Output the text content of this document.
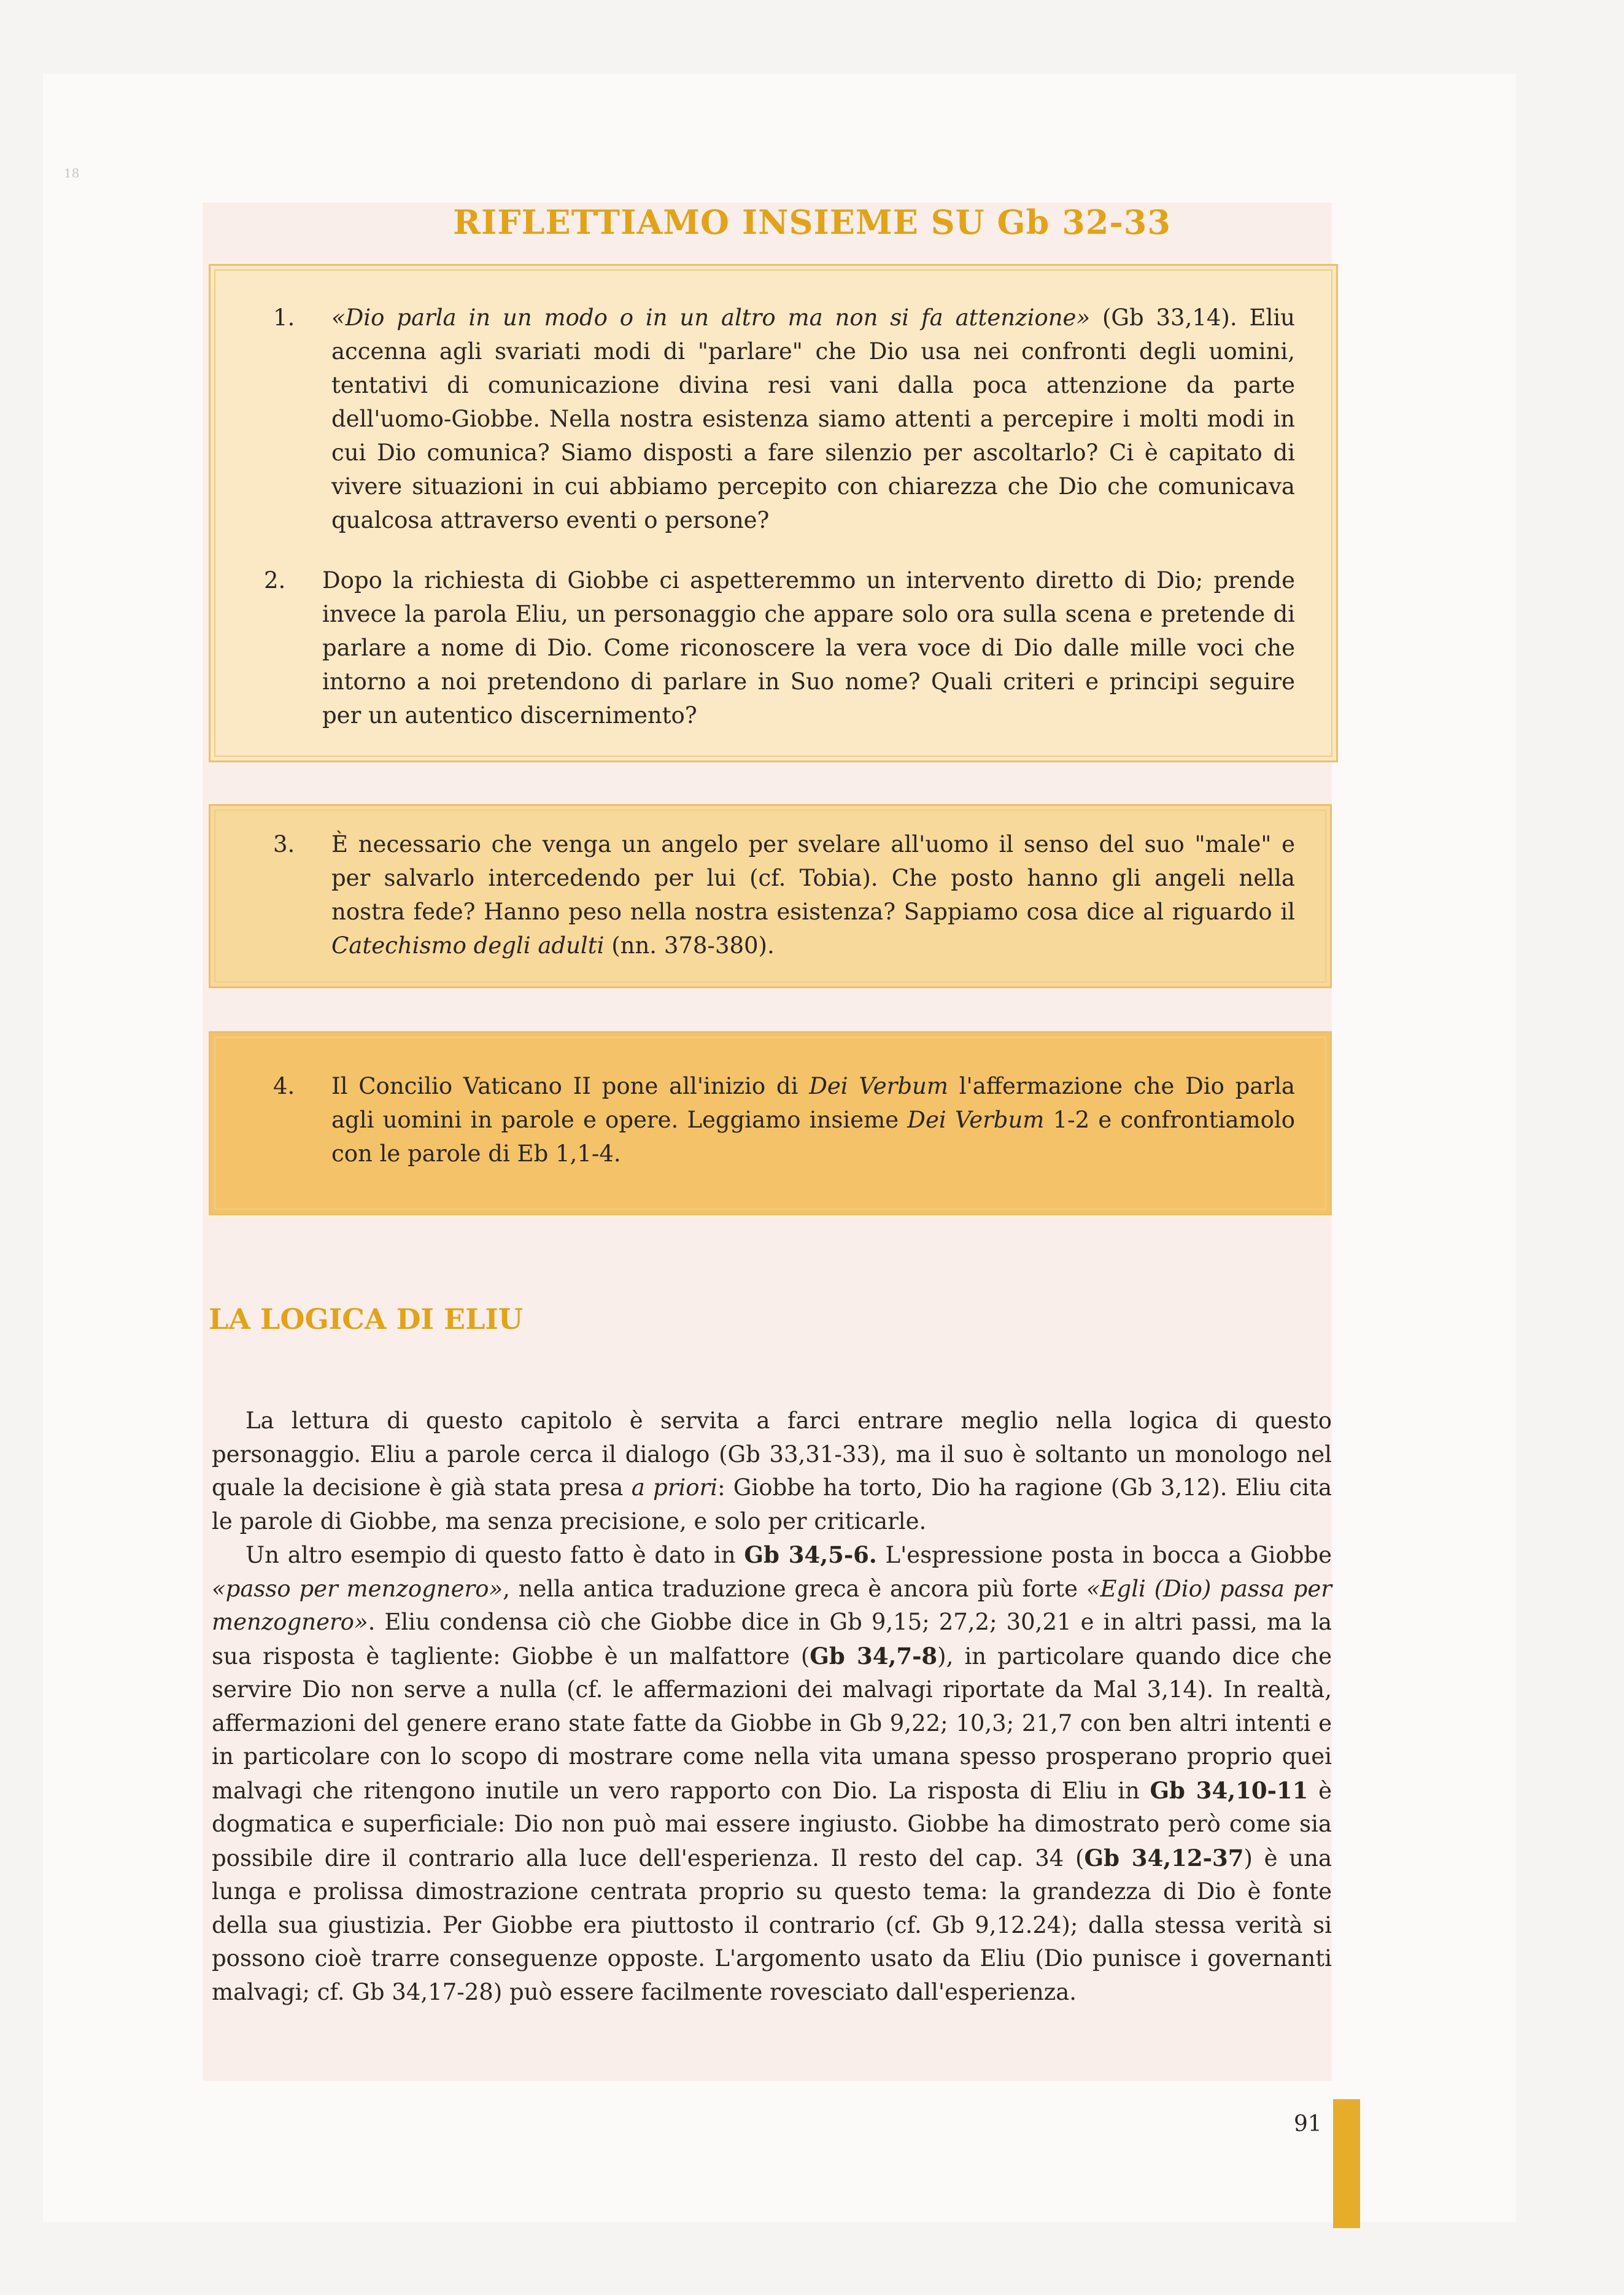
18
RIFLETTIAMO INSIEME SU Gb 32-33
1. «Dio parla in un modo o in un altro ma non si fa attenzione» (Gb 33,14). Eliu accenna agli svariati modi di "parlare" che Dio usa nei confronti degli uomini, tentativi di comunicazione divina resi vani dalla poca attenzione da parte dell'uomo-Giobbe. Nella nostra esistenza siamo attenti a percepire i molti modi in cui Dio comunica? Siamo disposti a fare silenzio per ascoltarlo? Ci è capitato di vivere situazioni in cui abbiamo percepito con chiarezza che Dio che comunicava qualcosa attraverso eventi o persone?
2. Dopo la richiesta di Giobbe ci aspetteremmo un intervento diretto di Dio; prende invece la parola Eliu, un personaggio che appare solo ora sulla scena e pretende di parlare a nome di Dio. Come riconoscere la vera voce di Dio dalle mille voci che intorno a noi pretendono di parlare in Suo nome? Quali criteri e principi seguire per un autentico discernimento?
3. È necessario che venga un angelo per svelare all'uomo il senso del suo "male" e per salvarlo intercedendo per lui (cf. Tobia). Che posto hanno gli angeli nella nostra fede? Hanno peso nella nostra esistenza? Sappiamo cosa dice al riguardo il Catechismo degli adulti (nn. 378-380).
4. Il Concilio Vaticano II pone all'inizio di Dei Verbum l'affermazione che Dio parla agli uomini in parole e opere. Leggiamo insieme Dei Verbum 1-2 e confrontiamolo con le parole di Eb 1,1-4.
LA LOGICA DI ELIU

La lettura di questo capitolo è servita a farci entrare meglio nella logica di questo personaggio. Eliu a parole cerca il dialogo (Gb 33,31-33), ma il suo è soltanto un monologo nel quale la decisione è già stata presa a priori: Giobbe ha torto, Dio ha ragione (Gb 3,12). Eliu cita le parole di Giobbe, ma senza precisione, e solo per criticarle.

Un altro esempio di questo fatto è dato in Gb 34,5-6. L'espressione posta in bocca a Giobbe «passo per menzognero», nella antica traduzione greca è ancora più forte «Egli (Dio) passa per menzognero». Eliu condensa ciò che Giobbe dice in Gb 9,15; 27,2; 30,21 e in altri passi, ma la sua risposta è tagliente: Giobbe è un malfattore (Gb 34,7-8), in particolare quando dice che servire Dio non serve a nulla (cf. le affermazioni dei malvagi riportate da Mal 3,14). In realtà, affermazioni del genere erano state fatte da Giobbe in Gb 9,22; 10,3; 21,7 con ben altri intenti e in particolare con lo scopo di mostrare come nella vita umana spesso prosperano proprio quei malvagi che ritengono inutile un vero rapporto con Dio. La risposta di Eliu in Gb 34,10-11 è dogmatica e superficiale: Dio non può mai essere ingiusto. Giobbe ha dimostrato però come sia possibile dire il contrario alla luce dell'esperienza. Il resto del cap. 34 (Gb 34,12-37) è una lunga e prolissa dimostrazione centrata proprio su questo tema: la grandezza di Dio è fonte della sua giustizia. Per Giobbe era piuttosto il contrario (cf. Gb 9,12.24); dalla stessa verità si possono cioè trarre conseguenze opposte. L'argomento usato da Eliu (Dio punisce i governanti malvagi; cf. Gb 34,17-28) può essere facilmente rovesciato dall'esperienza.

91
